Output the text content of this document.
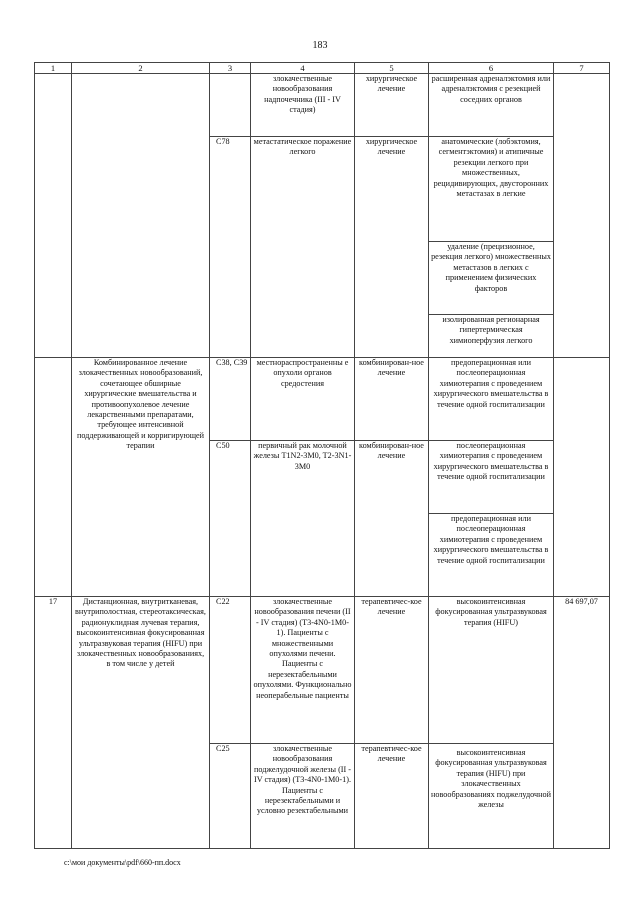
183
1	2	3	4	5	6	7
			злокачественные новообразования надпочечника (III - IV стадия)	хирургическое лечение	расширенная адреналэктомия или адреналэктомия с резекцией соседних органов	
		C78	метастатическое поражение легкого	хирургическое лечение	анатомические (лобэктомия, сегментэктомия) и атипичные резекции легкого при множественных, рецидивирующих, двусторонних метастазах в легкие	
					удаление (прецизионное, резекция легкого) множественных метастазов в легких с применением физических факторов	
					изолированная регионарная гипертермическая химиоперфузия легкого	
	Комбинированное лечение злокачественных новообразований, сочетающее обширные хирургические вмешательства и противоопухолевое лечение лекарственными препаратами, требующее интенсивной поддерживающей и корригирующей терапии	C38, C39	местнораспространенны е опухоли органов средостения	комбинирован-ное лечение	предоперационная или послеоперационная химиотерапия с проведением хирургического вмешательства в течение одной госпитализации	
		C50	первичный рак молочной железы T1N2-3M0, T2-3N1-3M0	комбинирован-ное лечение	послеоперационная химиотерапия с проведением хирургического вмешательства в течение одной госпитализации	
					предоперационная или послеоперационная химиотерапия с проведением хирургического вмешательства в течение одной госпитализации	
17	Дистанционная, внутритканевая, внутриполостная, стереотаксическая, радионуклидная лучевая терапия, высокоинтенсивная фокусированная ультразвуковая терапия (HIFU) при злокачественных новообразованиях, в том числе у детей	C22	злокачественные новообразования печени (II - IV стадия) (T3-4N0-1M0-1). Пациенты с множественными опухолями печени. Пациенты с нерезектабельными опухолями. Функционально неоперабельные пациенты	терапевтичес-кое лечение	высокоинтенсивная фокусированная ультразвуковая терапия (HIFU)	84 697,07
		C25	злокачественные новообразования поджелудочной железы (II - IV стадия) (T3-4N0-1M0-1). Пациенты с нерезектабельными и условно резектабельными	терапевтичес-кое лечение	высокоинтенсивная фокусированная ультразвуковая терапия (HIFU) при злокачественных новообразованиях поджелудочной железы	
c:\мои документы\pdf\660-пп.docx
